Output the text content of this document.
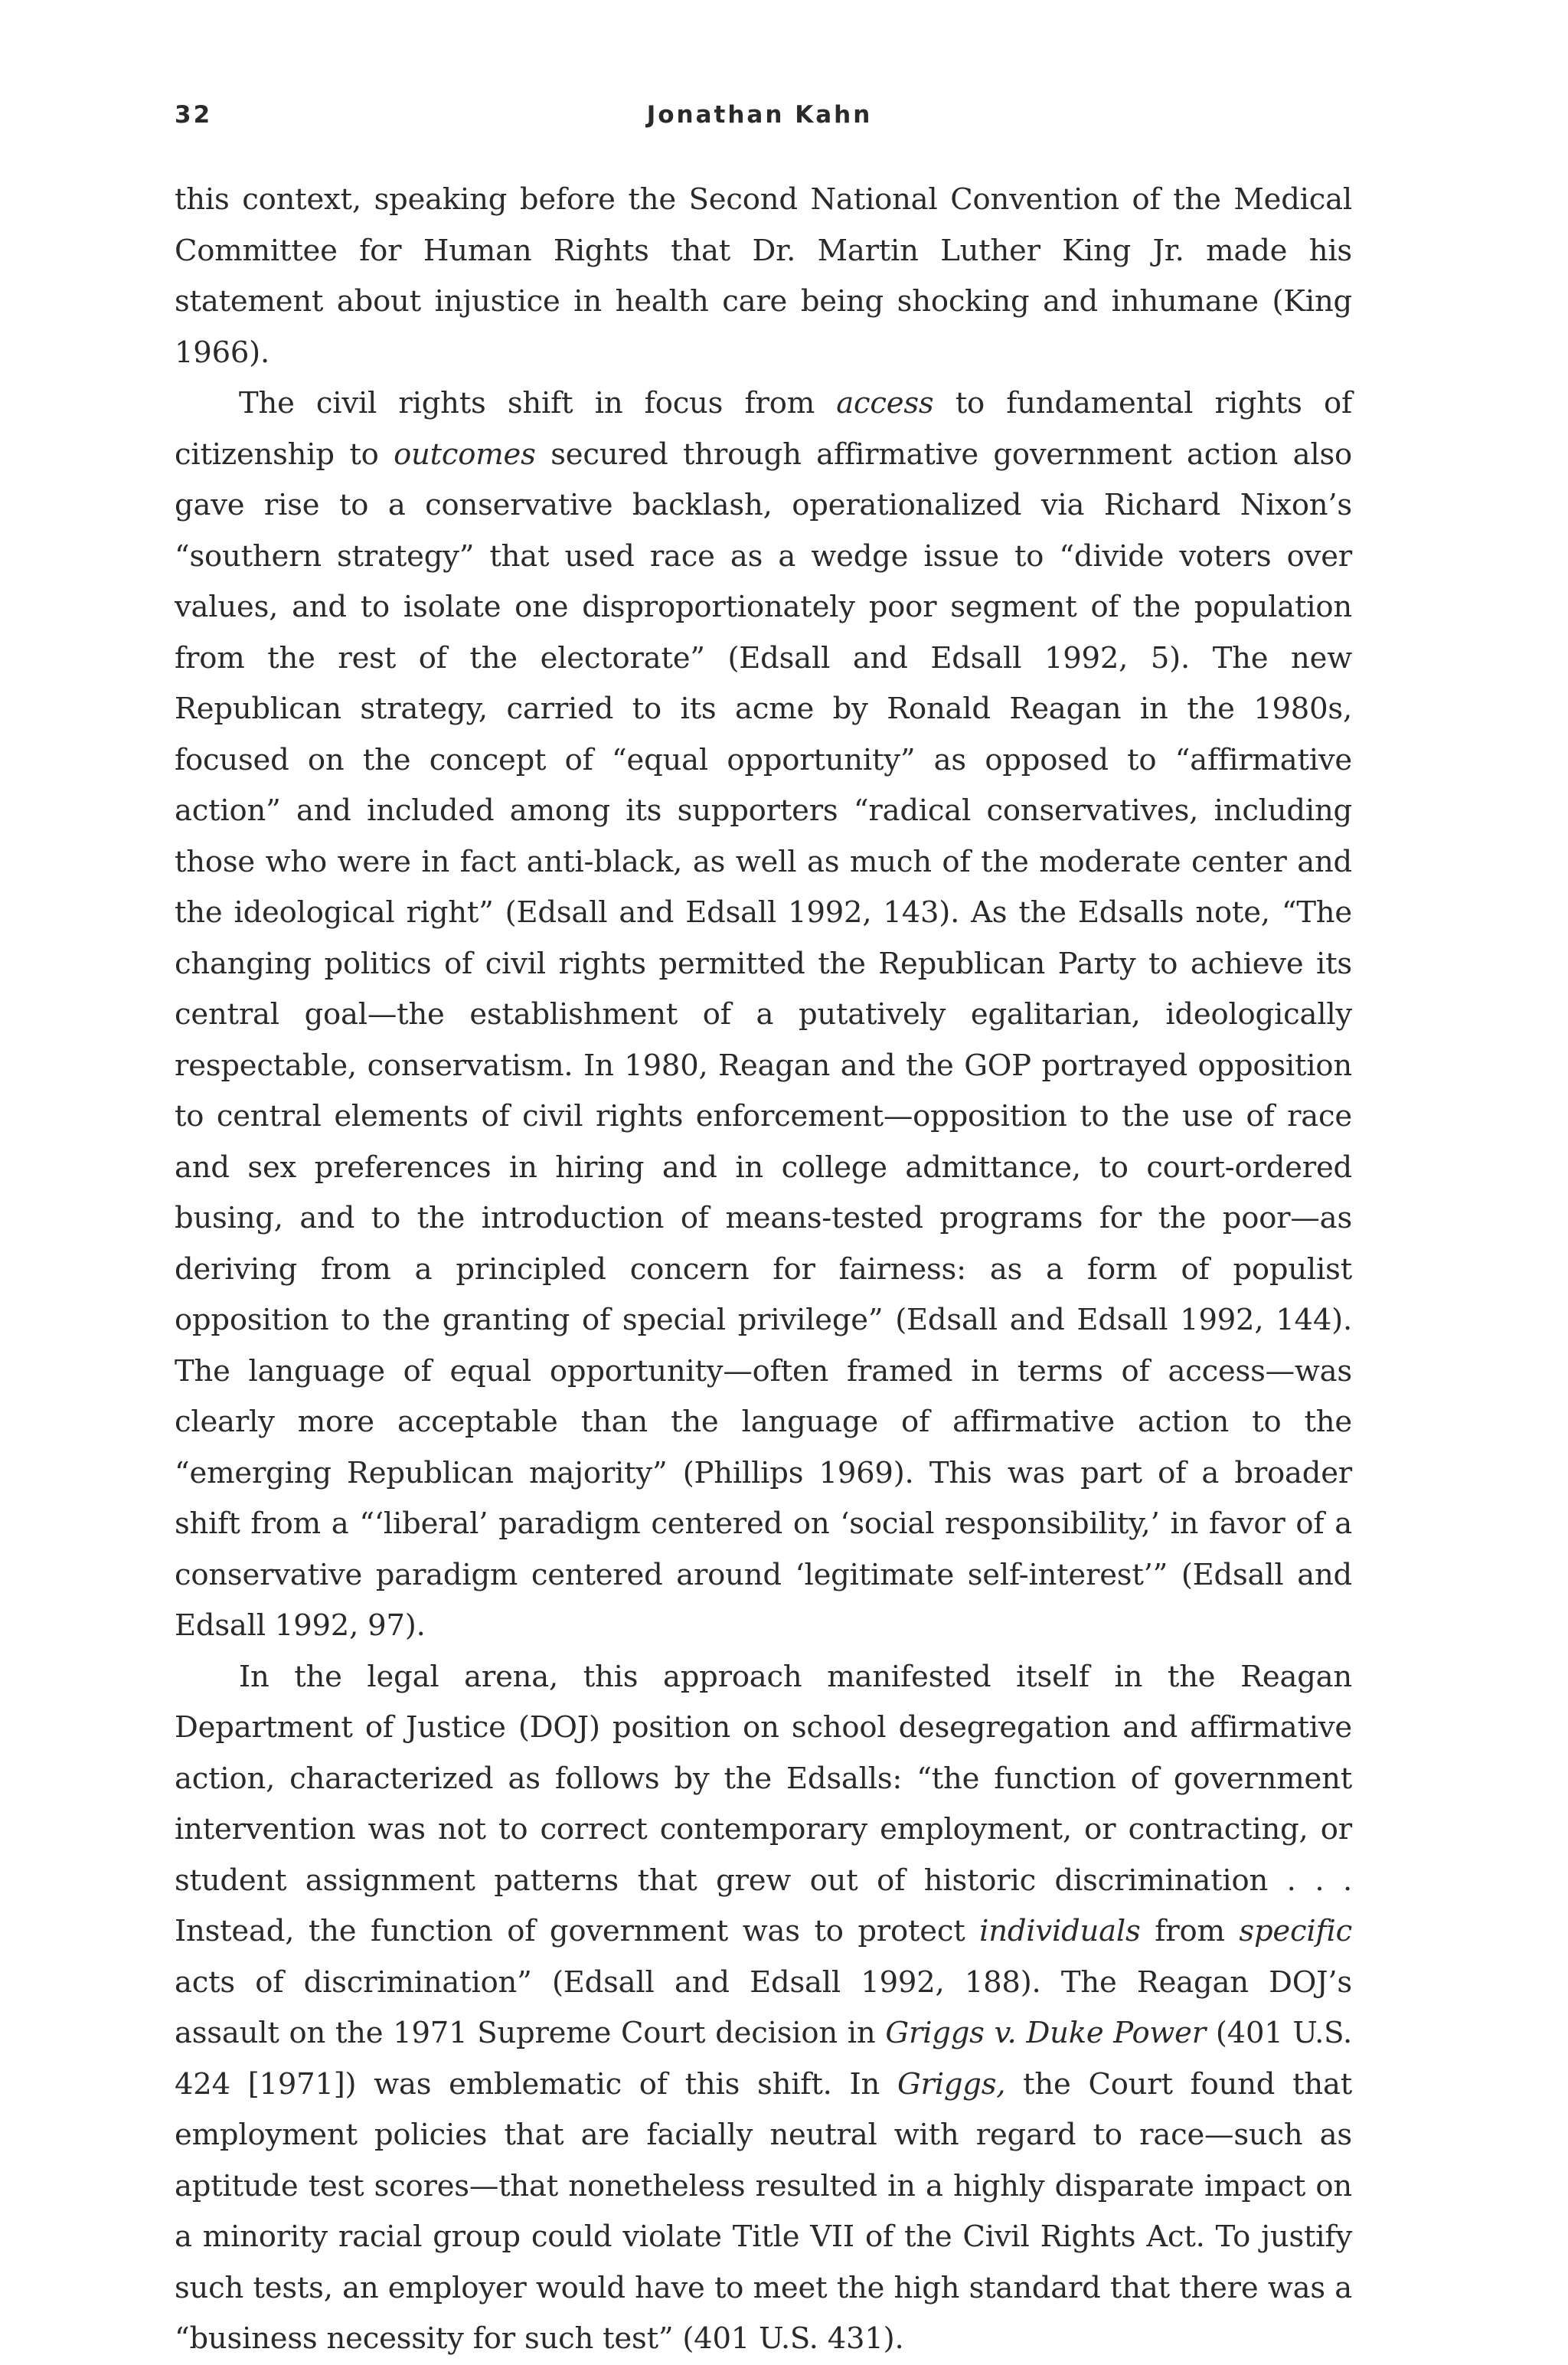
32	Jonathan Kahn

this context, speaking before the Second National Convention of the Medical Committee for Human Rights that Dr. Martin Luther King Jr. made his statement about injustice in health care being shocking and inhumane (King 1966).

The civil rights shift in focus from access to fundamental rights of citizenship to outcomes secured through affirmative government action also gave rise to a conservative backlash, operationalized via Richard Nixon’s “southern strategy” that used race as a wedge issue to “divide voters over values, and to isolate one disproportionately poor segment of the population from the rest of the electorate” (Edsall and Edsall 1992, 5). The new Republican strategy, carried to its acme by Ronald Reagan in the 1980s, focused on the concept of “equal opportunity” as opposed to “affirmative action” and included among its supporters “radical conservatives, including those who were in fact anti-black, as well as much of the moderate center and the ideological right” (Edsall and Edsall 1992, 143). As the Edsalls note, “The changing politics of civil rights permitted the Republican Party to achieve its central goal—the establishment of a putatively egalitarian, ideologically respectable, conservatism. In 1980, Reagan and the GOP portrayed opposition to central elements of civil rights enforcement—opposition to the use of race and sex preferences in hiring and in college admittance, to court-ordered busing, and to the introduction of means-tested programs for the poor—as deriving from a principled concern for fairness: as a form of populist opposition to the granting of special privilege” (Edsall and Edsall 1992, 144). The language of equal opportunity—often framed in terms of access—was clearly more acceptable than the language of affirmative action to the “emerging Republican majority” (Phillips 1969). This was part of a broader shift from a “‘liberal’ paradigm centered on ‘social responsibility,’ in favor of a conservative paradigm centered around ‘legitimate self-interest’” (Edsall and Edsall 1992, 97).

In the legal arena, this approach manifested itself in the Reagan Department of Justice (DOJ) position on school desegregation and affirmative action, characterized as follows by the Edsalls: “the function of government intervention was not to correct contemporary employment, or contracting, or student assignment patterns that grew out of historic discrimination . . . Instead, the function of government was to protect individuals from specific acts of discrimination” (Edsall and Edsall 1992, 188). The Reagan DOJ’s assault on the 1971 Supreme Court decision in Griggs v. Duke Power (401 U.S. 424 [1971]) was emblematic of this shift. In Griggs, the Court found that employment policies that are facially neutral with regard to race—such as aptitude test scores—that nonetheless resulted in a highly disparate impact on a minority racial group could violate Title VII of the Civil Rights Act. To justify such tests, an employer would have to meet the high standard that there was a “business necessity for such test” (401 U.S. 431).
